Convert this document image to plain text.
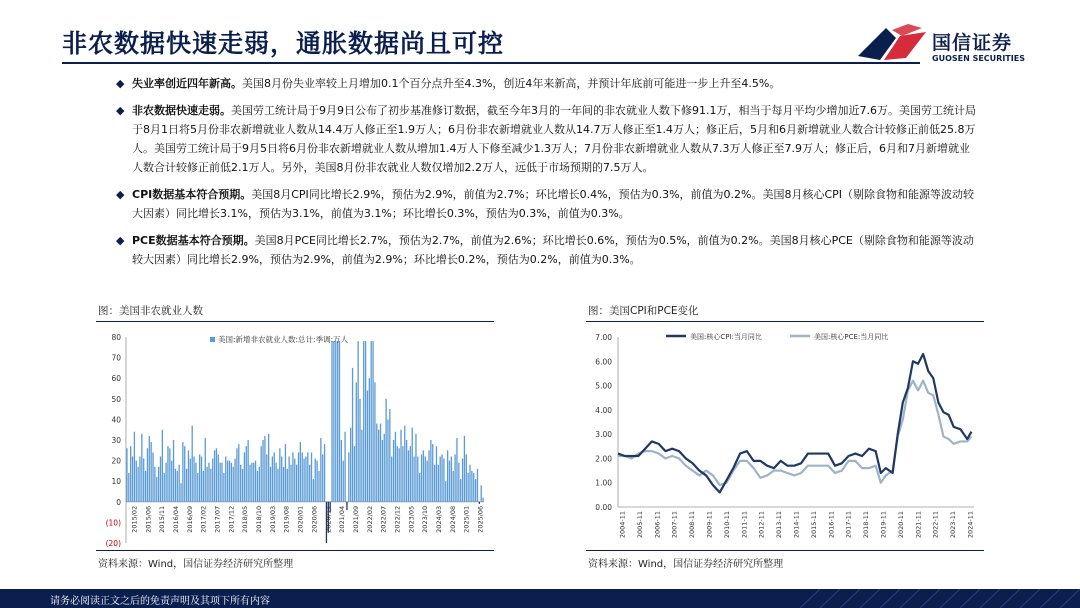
非农数据快速走弱，通胀数据尚且可控	国信证券
GUOSEN SECURITIES
◆ 失业率创近四年新高。美国8月份失业率较上月增加0.1个百分点升至4.3%，创近4年来新高，并预计年底前可能进一步上升至4.5%。
◆ 非农数据快速走弱。美国劳工统计局于9月9日公布了初步基准修订数据，截至今年3月的一年间的非农就业人数下修91.1万，相当于每月平均少增加近7.6万。美国劳工统计局于8月1日将5月份非农新增就业人数从14.4万人修正至1.9万人；6月份非农新增就业人数从14.7万人修正至1.4万人；修正后，5月和6月新增就业人数合计较修正前低25.8万人。美国劳工统计局于9月5日将6月份非农新增就业人数从增加1.4万人下修至减少1.3万人；7月份非农新增就业人数从7.3万人修正至7.9万人；修正后，6月和7月新增就业人数合计较修正前低2.1万人。另外，美国8月份非农就业人数仅增加2.2万人，远低于市场预期的7.5万人。
◆ CPI数据基本符合预期。美国8月CPI同比增长2.9%，预估为2.9%，前值为2.7%；环比增长0.4%，预估为0.3%，前值为0.2%。美国8月核心CPI（剔除食物和能源等波动较大因素）同比增长3.1%，预估为3.1%，前值为3.1%；环比增长0.3%，预估为0.3%，前值为0.3%。
◆ PCE数据基本符合预期。美国8月PCE同比增长2.7%，预估为2.7%，前值为2.6%；环比增长0.6%，预估为0.5%，前值为0.2%。美国8月核心PCE（剔除食物和能源等波动较大因素）同比增长2.9%，预估为2.9%，前值为2.9%；环比增长0.2%，预估为0.2%，前值为0.3%。
图：美国非农就业人数
80
70
60
50
40
30
20
10
0
(10)
(20)
2015/02 2015/06 2015/11 2016/04 2016/09 2017/02 2017/07 2017/12 2018/05 2018/10 2019/03 2019/08 2020/01 2020/06 2020/11 2021/04 2021/09 2022/02 2022/07 2022/12 2023/05 2023/10 2024/03 2024/08 2025/01 2025/06
美国:新增非农就业人数:总计:季调:万人
资料来源：Wind，国信证券经济研究所整理
图：美国CPI和PCE变化
7.00
6.00
5.00
4.00
3.00
2.00
1.00
0.00
2004-11 2005-11 2006-11 2007-11 2008-11 2009-11 2010-11 2011-11 2012-11 2013-11 2014-11 2015-11 2016-11 2017-11 2018-11 2019-11 2020-11 2021-11 2022-11 2023-11 2024-11
美国:核心CPI:当月同比	美国:核心PCE:当月同比
资料来源：Wind，国信证券经济研究所整理
请务必阅读正文之后的免责声明及其项下所有内容
